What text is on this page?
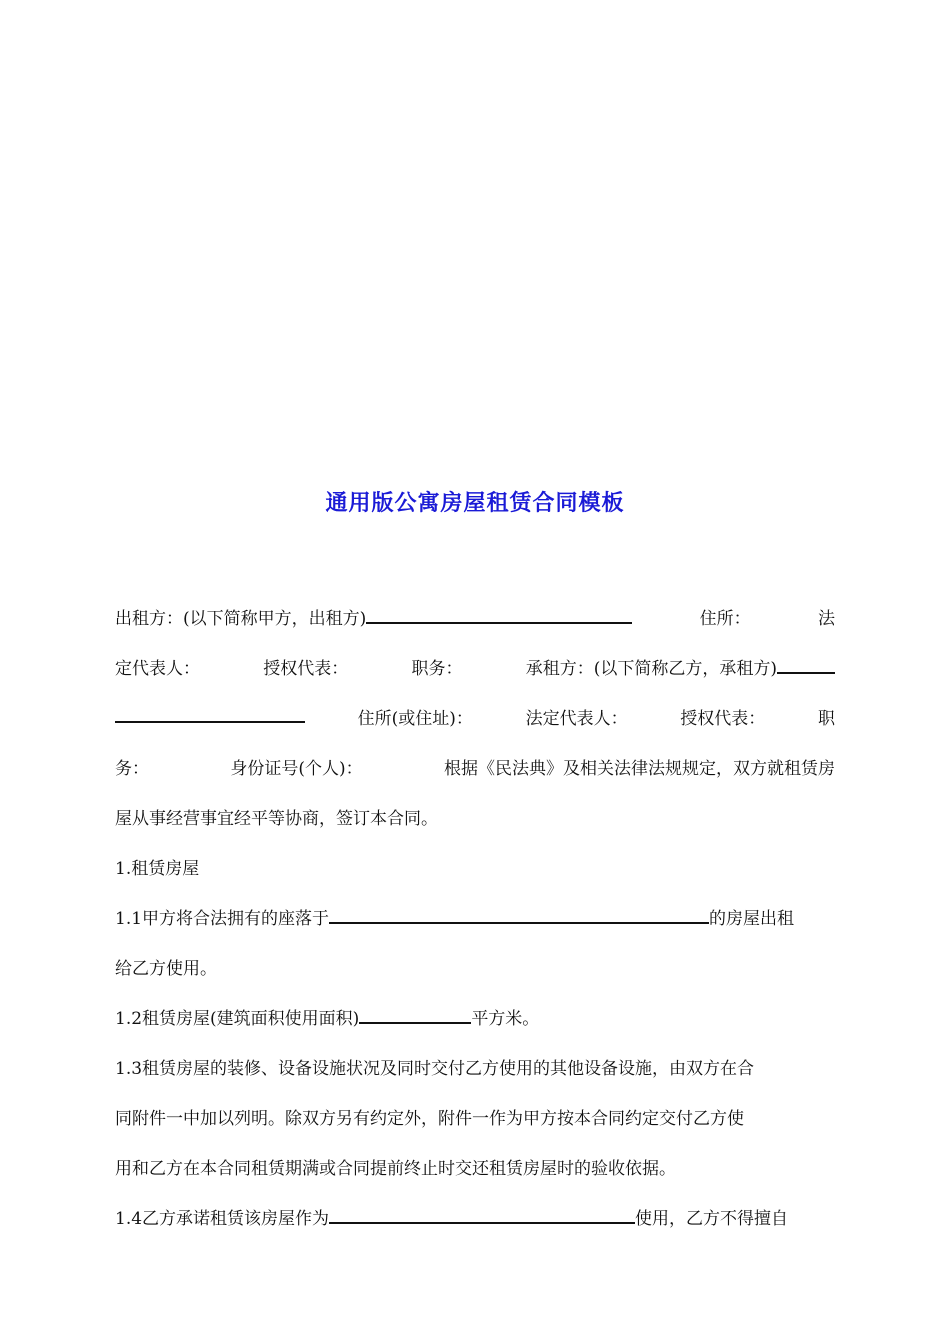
通用版公寓房屋租赁合同模板
出租方：(以下简称甲方，出租方)	住所：	法
定代表人：	授权代表：	职务：	承租方：(以下简称乙方，承租方)
住所(或住址)：	法定代表人：	授权代表：	职
务：	身份证号(个人)：	根据《民法典》及相关法律法规规定，双方就租赁房
屋从事经营事宜经平等协商，签订本合同。
1.租赁房屋
1.1甲方将合法拥有的座落于	的房屋出租
给乙方使用。
1.2租赁房屋(建筑面积使用面积)	平方米。
1.3租赁房屋的装修、设备设施状况及同时交付乙方使用的其他设备设施，由双方在合
同附件一中加以列明。除双方另有约定外，附件一作为甲方按本合同约定交付乙方使
用和乙方在本合同租赁期满或合同提前终止时交还租赁房屋时的验收依据。
1.4乙方承诺租赁该房屋作为	使用，乙方不得擅自
